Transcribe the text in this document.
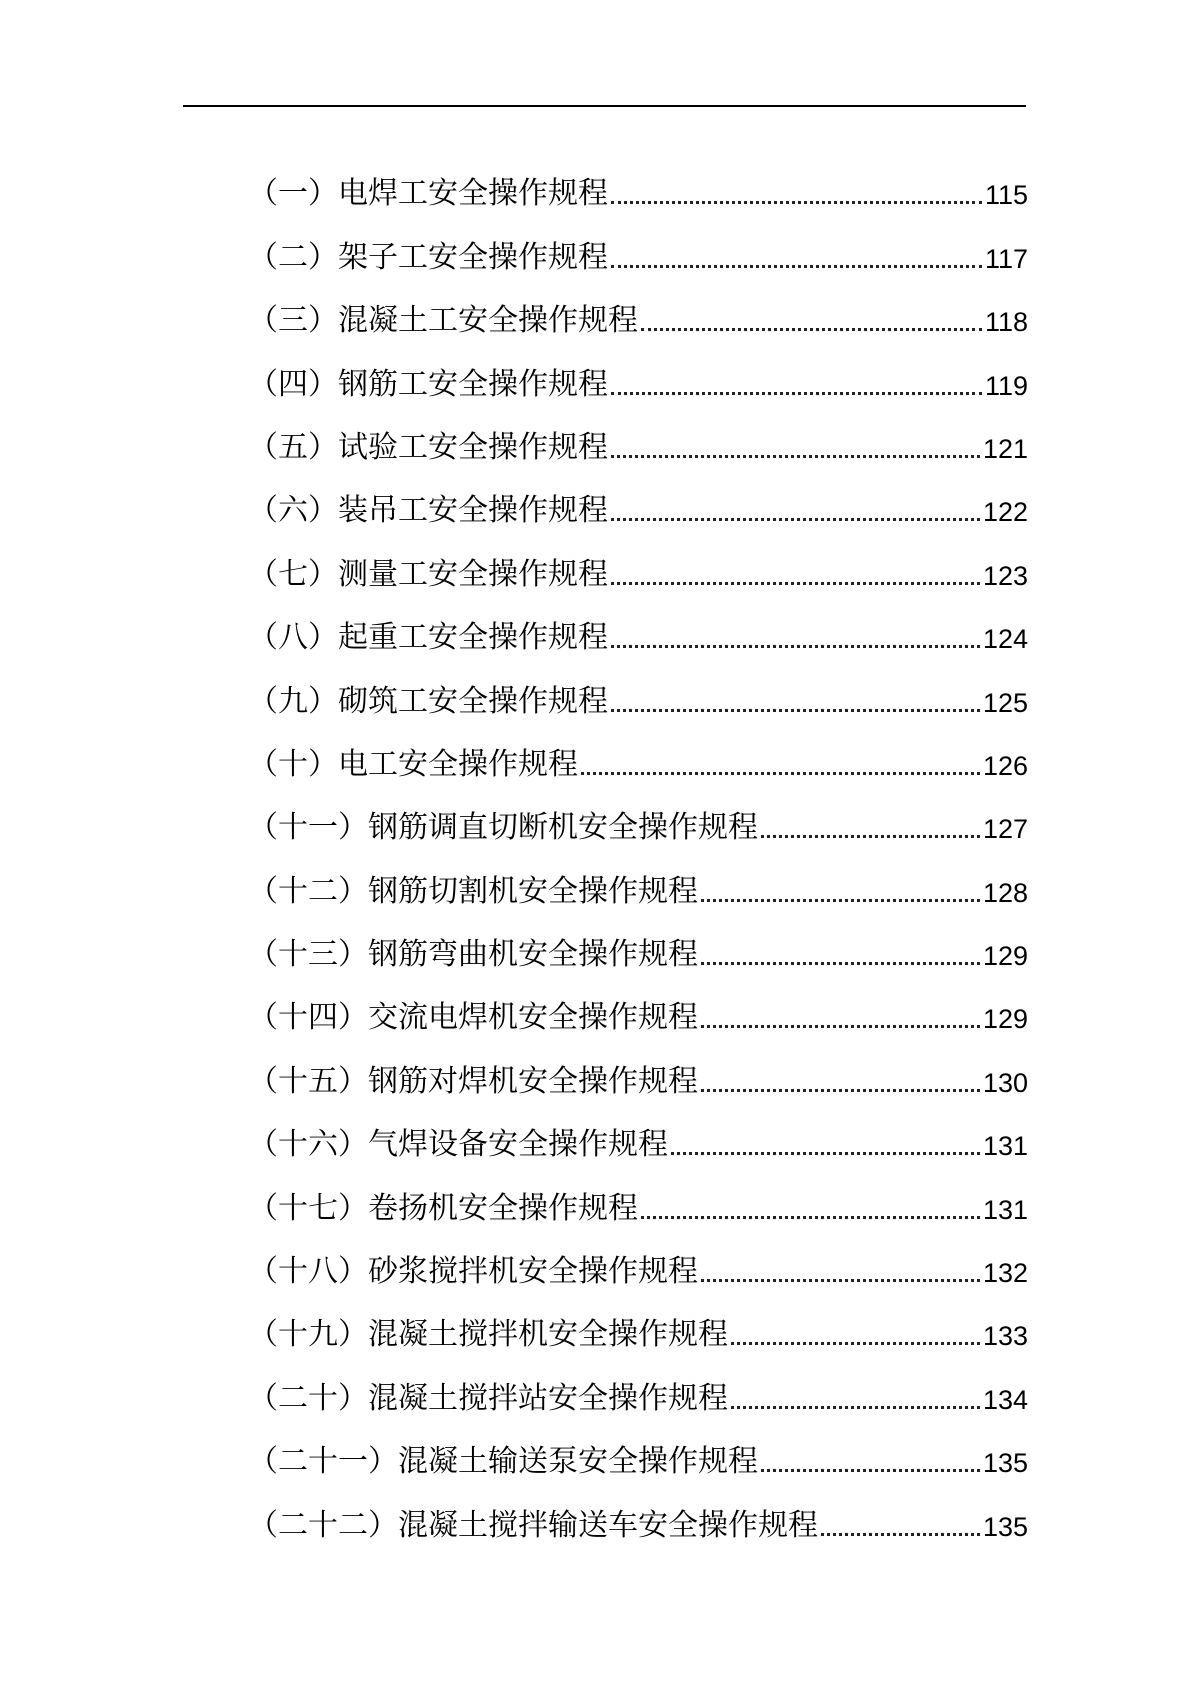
（一）电焊工安全操作规程	115
（二）架子工安全操作规程	117
（三）混凝土工安全操作规程	118
（四）钢筋工安全操作规程	119
（五）试验工安全操作规程	121
（六）装吊工安全操作规程	122
（七）测量工安全操作规程	123
（八）起重工安全操作规程	124
（九）砌筑工安全操作规程	125
（十）电工安全操作规程	126
（十一）钢筋调直切断机安全操作规程	127
（十二）钢筋切割机安全操作规程	128
（十三）钢筋弯曲机安全操作规程	129
（十四）交流电焊机安全操作规程	129
（十五）钢筋对焊机安全操作规程	130
（十六）气焊设备安全操作规程	131
（十七）卷扬机安全操作规程	131
（十八）砂浆搅拌机安全操作规程	132
（十九）混凝土搅拌机安全操作规程	133
（二十）混凝土搅拌站安全操作规程	134
（二十一）混凝土输送泵安全操作规程	135
（二十二）混凝土搅拌输送车安全操作规程	135
